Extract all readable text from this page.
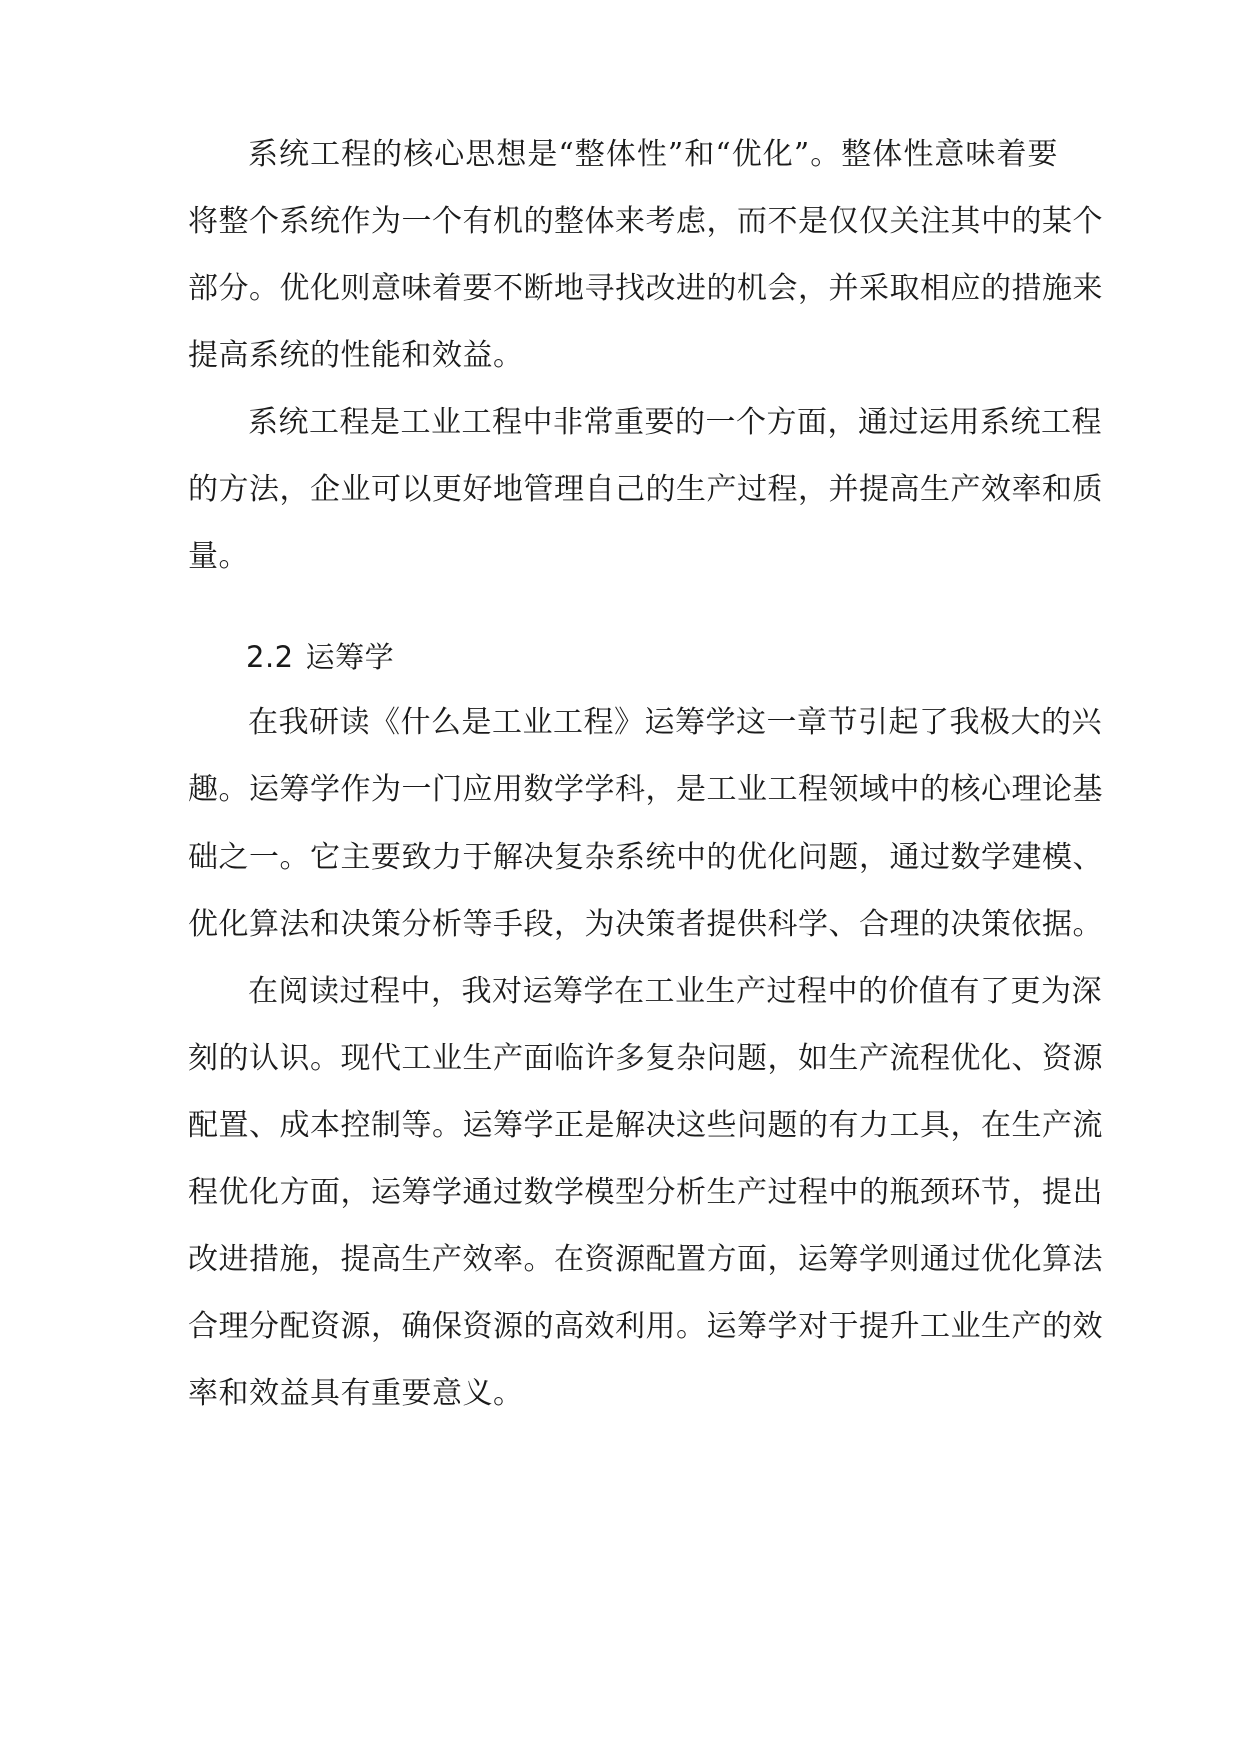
系统工程的核心思想是“整体性”和“优化”。整体性意味着要
将整个系统作为一个有机的整体来考虑，而不是仅仅关注其中的某个
部分。优化则意味着要不断地寻找改进的机会，并采取相应的措施来
提高系统的性能和效益。
系统工程是工业工程中非常重要的一个方面，通过运用系统工程
的方法，企业可以更好地管理自己的生产过程，并提高生产效率和质
量。
2.2 运筹学
在我研读《什么是工业工程》运筹学这一章节引起了我极大的兴
趣。运筹学作为一门应用数学学科，是工业工程领域中的核心理论基
础之一。它主要致力于解决复杂系统中的优化问题，通过数学建模、
优化算法和决策分析等手段，为决策者提供科学、合理的决策依据。
在阅读过程中，我对运筹学在工业生产过程中的价值有了更为深
刻的认识。现代工业生产面临许多复杂问题，如生产流程优化、资源
配置、成本控制等。运筹学正是解决这些问题的有力工具，在生产流
程优化方面，运筹学通过数学模型分析生产过程中的瓶颈环节，提出
改进措施，提高生产效率。在资源配置方面，运筹学则通过优化算法
合理分配资源，确保资源的高效利用。运筹学对于提升工业生产的效
率和效益具有重要意义。
